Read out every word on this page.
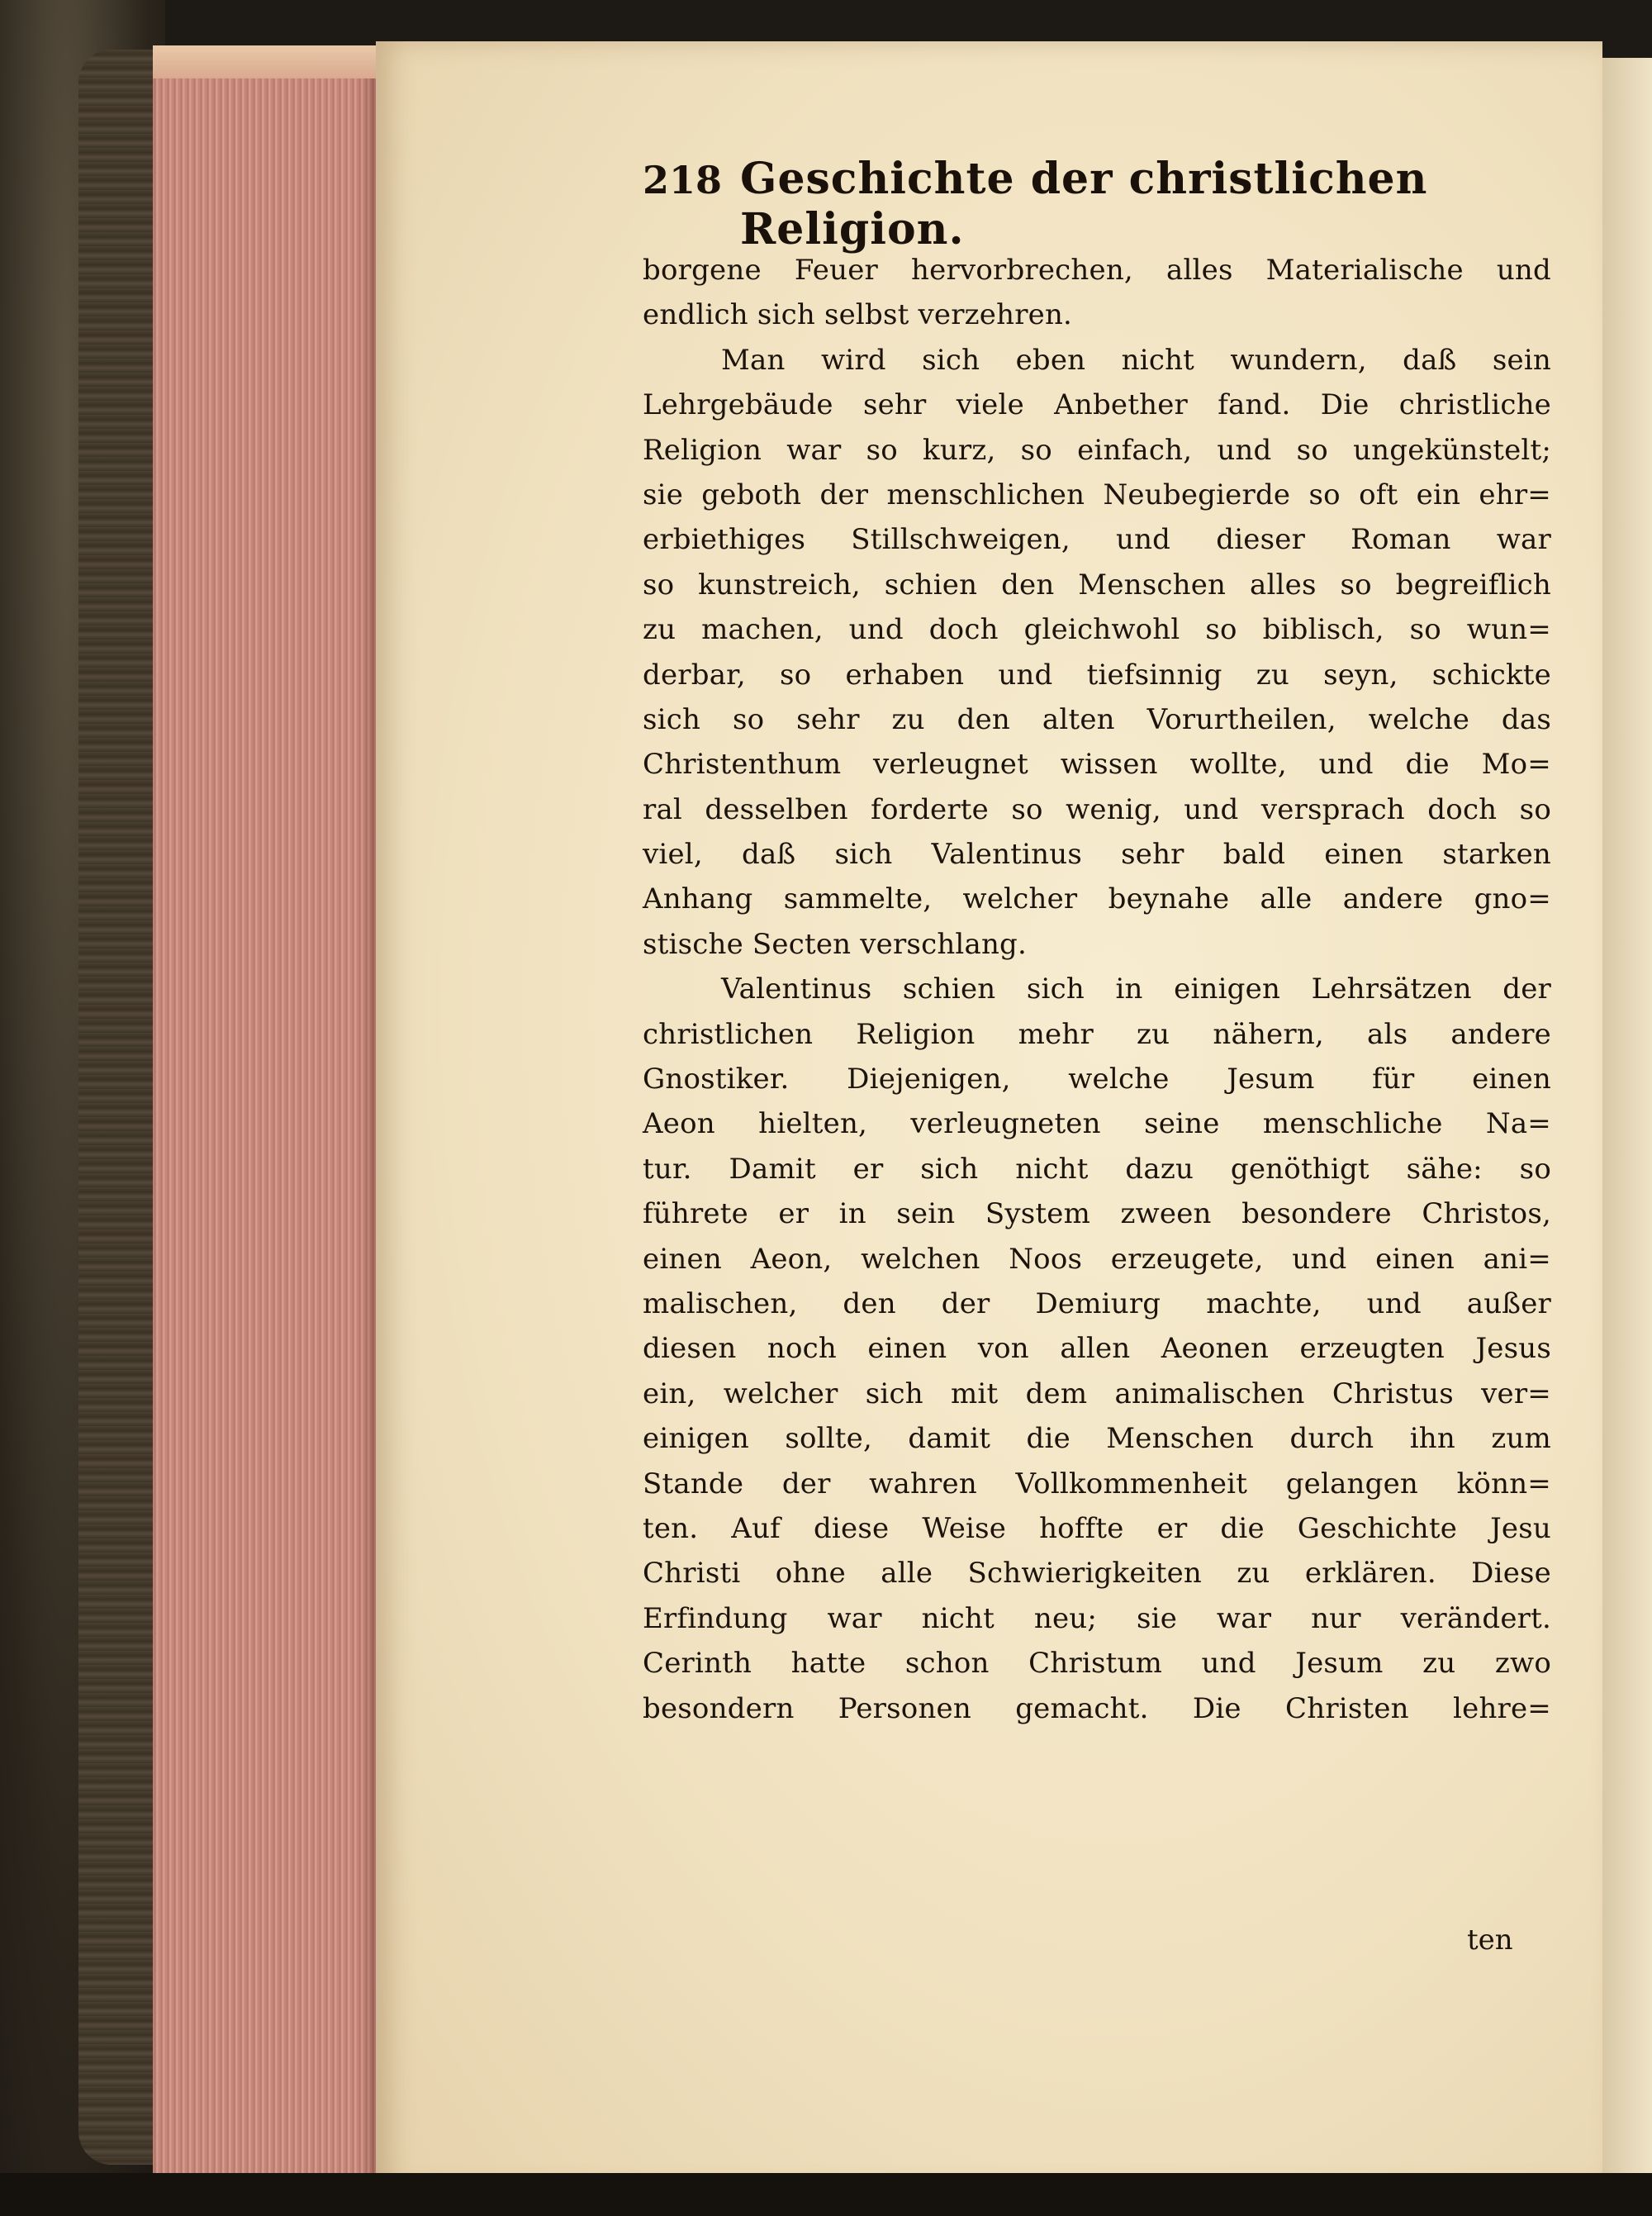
218 Geschichte der christlichen Religion.
borgene Feuer hervorbrechen, alles Materialische und
endlich sich selbst verzehren.
Man wird sich eben nicht wundern, daß sein
Lehrgebäude sehr viele Anbether fand. Die christliche
Religion war so kurz, so einfach, und so ungekünstelt;
sie geboth der menschlichen Neubegierde so oft ein ehr=
erbiethiges Stillschweigen, und dieser Roman war
so kunstreich, schien den Menschen alles so begreiflich
zu machen, und doch gleichwohl so biblisch, so wun=
derbar, so erhaben und tiefsinnig zu seyn, schickte
sich so sehr zu den alten Vorurtheilen, welche das
Christenthum verleugnet wissen wollte, und die Mo=
ral desselben forderte so wenig, und versprach doch so
viel, daß sich Valentinus sehr bald einen starken
Anhang sammelte, welcher beynahe alle andere gno=
stische Secten verschlang.
Valentinus schien sich in einigen Lehrsätzen der
christlichen Religion mehr zu nähern, als andere
Gnostiker. Diejenigen, welche Jesum für einen
Aeon hielten, verleugneten seine menschliche Na=
tur. Damit er sich nicht dazu genöthigt sähe: so
führete er in sein System zween besondere Christos,
einen Aeon, welchen Noos erzeugete, und einen ani=
malischen, den der Demiurg machte, und außer
diesen noch einen von allen Aeonen erzeugten Jesus
ein, welcher sich mit dem animalischen Christus ver=
einigen sollte, damit die Menschen durch ihn zum
Stande der wahren Vollkommenheit gelangen könn=
ten. Auf diese Weise hoffte er die Geschichte Jesu
Christi ohne alle Schwierigkeiten zu erklären. Diese
Erfindung war nicht neu; sie war nur verändert.
Cerinth hatte schon Christum und Jesum zu zwo
besondern Personen gemacht. Die Christen lehre=
ten
